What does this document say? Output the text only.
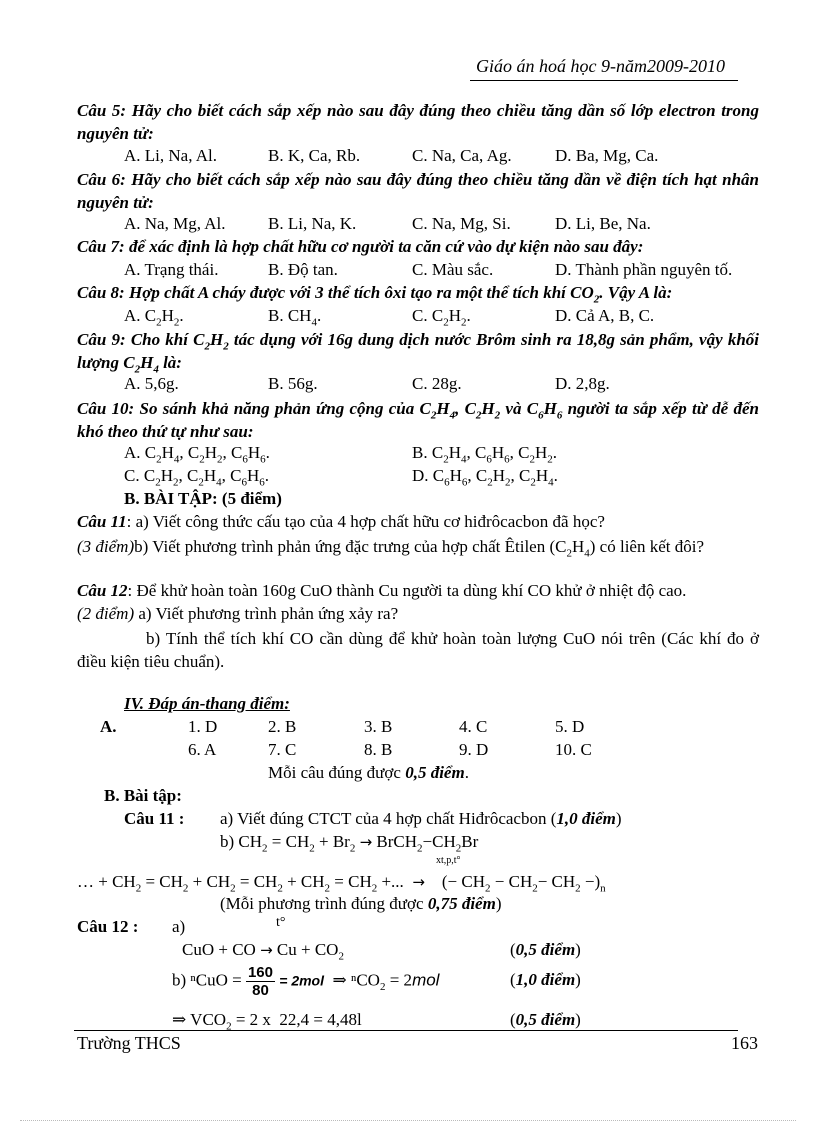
Giáo án hoá học 9-năm2009-2010
Câu 5: Hãy cho biết cách sắp xếp nào sau đây đúng theo chiều tăng dần số lớp electron trong nguyên tử:
A. Li, Na, Al.	B. K, Ca, Rb.	C. Na, Ca, Ag.	D. Ba, Mg, Ca.
Câu 6: Hãy cho biết cách sắp xếp nào sau đây đúng theo chiều tăng dần về điện tích hạt nhân nguyên tử:
A. Na, Mg, Al. B. Li, Na, K.	C. Na, Mg, Si.	D. Li, Be, Na.
Câu 7: để xác định là hợp chất hữu cơ người ta căn cứ vào dự kiện nào sau đây:
A. Trạng thái.	B. Độ tan.	C. Màu sắc.	D. Thành phần nguyên tố.
Câu 8: Hợp chất A cháy được với 3 thể tích ôxi tạo ra một thể tích khí $CO_2$. Vậy A là:
A. $C_2H_2$.	B. $CH_4$.	C. $C_2H_2$.	D. Cả A, B, C.
Câu 9: Cho khí $C_2H_2$ tác dụng với 16g dung dịch nước Brôm sinh ra 18,8g sản phẩm, vậy khối lượng $C_2H_4$ là:
A. 5,6g.	B. 56g.	C. 28g.	D. 2,8g.
Câu 10: So sánh khả năng phản ứng cộng của $C_2H_4$, $C_2H_2$ và $C_6H_6$ người ta sắp xếp từ dễ đến khó theo thứ tự như sau:
A. $C_2H_4$, $C_2H_2$, $C_6H_6$.	B. $C_2H_4$, $C_6H_6$, $C_2H_2$.
C. $C_2H_2$, $C_2H_4$, $C_6H_6$.	D. $C_6H_6$, $C_2H_2$, $C_2H_4$.
B. BÀI TẬP: (5 điểm)
Câu 11: a) Viết công thức cấu tạo của 4 hợp chất hữu cơ hiđrôcacbon đã học?
(3 điểm)b) Viết phương trình phản ứng đặc trưng của hợp chất Êtilen $(C_2H_4)$ có liên kết đôi?
Câu 12: Để khử hoàn toàn 160g CuO thành Cu người ta dùng khí CO khử ở nhiệt độ cao.
(2 điểm) a) Viết phương trình phản ứng xảy ra?
b) Tính thể tích khí CO cần dùng để khử hoàn toàn lượng CuO nói trên (Các khí đo ở điều kiện tiêu chuẩn).
IV. Đáp án-thang điểm:
A.	1. D	2. B	3. B	4. C	5. D
6. A	7. C	8. B	9. D	10. C
Mỗi câu đúng được 0,5 điểm.
B. Bài tập:
Câu 11 : a) Viết đúng CTCT của 4 hợp chất Hiđrôcacbon (1,0 điểm)
b) $CH_2 = CH_2 + Br_2$ → $BrCH_2-CH_2Br$
xt,p,t°
… + $CH_2 = CH_2 + CH_2 = CH_2 + CH_2 = CH_2$ +...  →    (− $CH_2 - CH_2- CH_2 -)_n$
(Mỗi phương trình đúng được 0,75 điểm)
Câu 12 : a)	t°
CuO + CO → $Cu + CO_2$	(0,5 điểm)
b) $^nCuO = \frac{160}{80} = 2mol$  ⇒ ⁿCO$_2$ = 2mol	(1,0 điểm)
⇒ $VCO_2 = 2$ x  22,4 = 4,48l	(0,5 điểm)
Trường THCS	163
